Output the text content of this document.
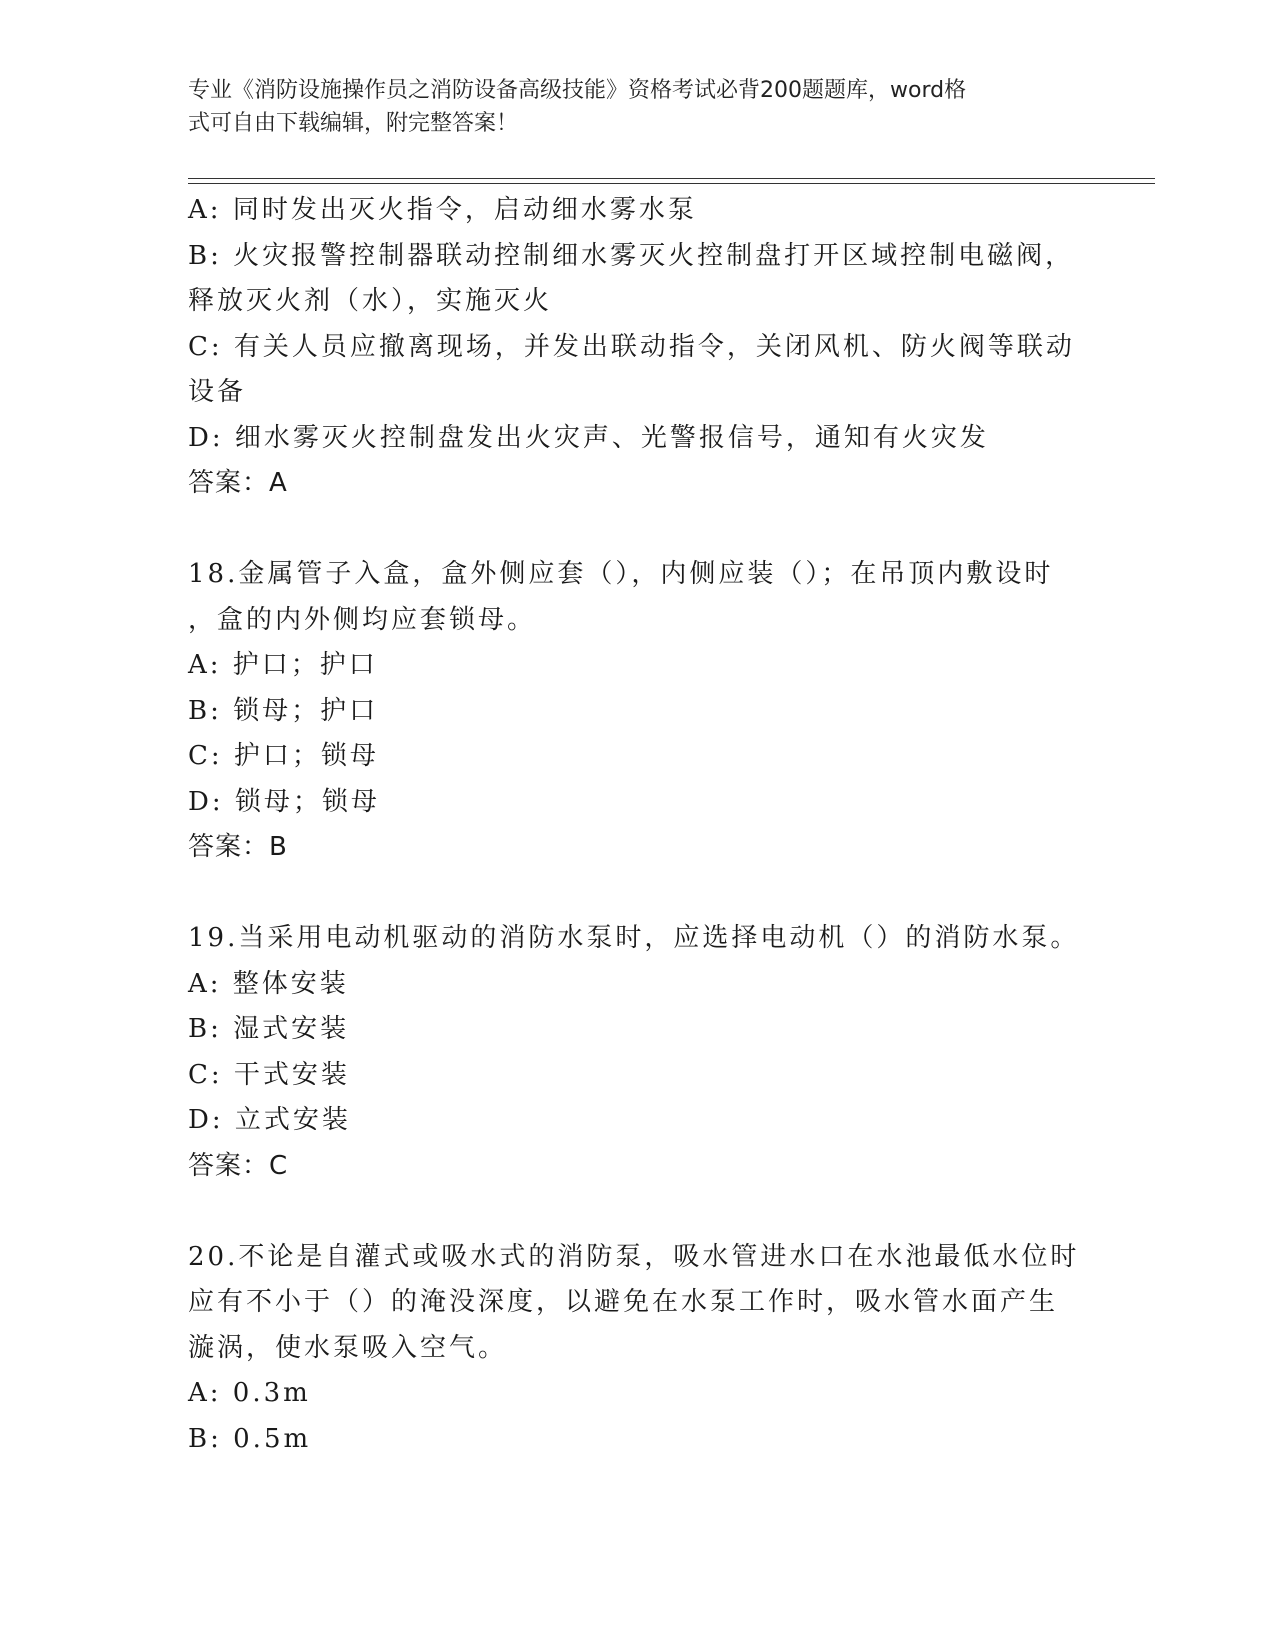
专业《消防设施操作员之消防设备高级技能》资格考试必背200题题库，word格
式可自由下载编辑，附完整答案！
A: 同时发出灭火指令，启动细水雾水泵
B: 火灾报警控制器联动控制细水雾灭火控制盘打开区域控制电磁阀，
释放灭火剂（水），实施灭火
C: 有关人员应撤离现场，并发出联动指令，关闭风机、防火阀等联动
设备
D: 细水雾灭火控制盘发出火灾声、光警报信号，通知有火灾发
答案：A
18.金属管子入盒，盒外侧应套（），内侧应装（）；在吊顶内敷设时
，盒的内外侧均应套锁母。
A: 护口；护口
B: 锁母；护口
C: 护口；锁母
D: 锁母；锁母
答案：B
19.当采用电动机驱动的消防水泵时，应选择电动机（）的消防水泵。
A: 整体安装
B: 湿式安装
C: 干式安装
D: 立式安装
答案：C
20.不论是自灌式或吸水式的消防泵，吸水管进水口在水池最低水位时
应有不小于（）的淹没深度，以避免在水泵工作时，吸水管水面产生
漩涡，使水泵吸入空气。
A: 0.3m
B: 0.5m
